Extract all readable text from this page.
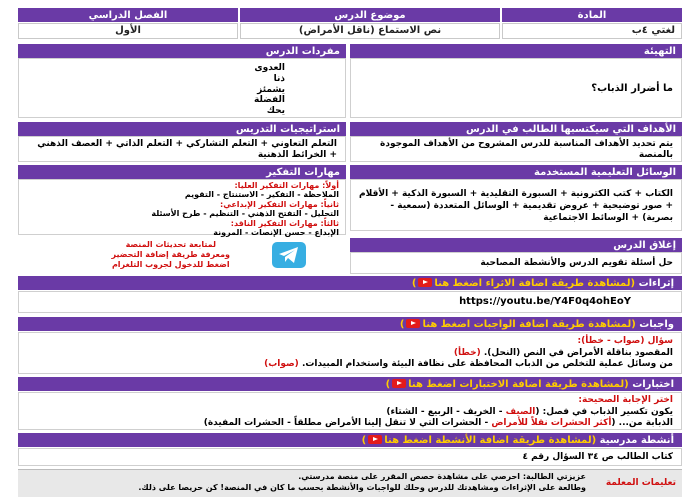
المادة
موضوع الدرس
الفصل الدراسي
لغتي ٤ب
نص الاستماع (ناقل الأمراض)
الأول
التهيئة
ما أضرار الذباب؟
مفردات الدرس
العدوى
ذنا
يشمئز
الفضلة
يحك
الأهداف التي سيكتسبها الطالب في الدرس
يتم تحديد الأهداف المناسبة للدرس المشروح من الأهداف الموجودة بالمنصة
استراتيجيات التدريس
التعلم التعاوني + التعلم التشاركي + التعلم الذاتي + العصف الذهني + الخرائط الذهنية
الوسائل التعليمية المستخدمة
الكتاب + كتب الكترونية + السبورة التقليدية + السبورة الذكية + الأقلام + صور توضيحية + عروض تقديمية + الوسائل المتعددة (سمعية - بصرية) + الوسائط الاجتماعية
مهارات التفكير
أولاً: مهارات التفكير العليا:
الملاحظة - التفكير - الاستنتاج - التقويم
ثانياً: مهارات التفكير الإبداعي:
التحليل - التفتح الذهني - التنظيم - طرح الأسئلة
ثالثاً: مهارات التفكير الناقد:
الإبداع - حسن الإنصات - المرونة
إغلاق الدرس
حل أسئلة تقويم الدرس والأنشطة المصاحبة
لمتابعة تحديثات المنصة
ومعرفة طريقة إضافة التحضير
اضغط للدخول لجروب التلغرام
إثراءات

(لمشاهدة طريقة اضافة الاثراء اضغط هنا)
https://youtu.be/Y4F0q4ohEoY
واجبات

(لمشاهدة طريقة اضافة الواجبات اضغط هنا)
سؤال (صواب - خطأ):
المقصود بناقلة الأمراض في النص (النحل). (خطأ)
من وسائل عملية للتخلص من الذباب المحافظة على نظافة البيئة واستخدام المبيدات. (صواب)
اختبارات

(لمشاهدة طريقة اضافة الاختبارات اضغط هنا)
اختر الإجابة الصحيحة:
يكون تكسير الذباب في فصل: (الصيف - الخريف - الربيع - الشتاء)
الذبابة من... (أكثر الحشرات نقلاً للأمراض - الحشرات التي لا تنقل إلينا الأمراض مطلقاً - الحشرات المفيدة)
أنشطة مدرسية

(لمشاهدة طريقة اضافة الأنشطة اضغط هنا)
كتاب الطالب ص ٣٤ السؤال رقم ٤
تعليمات المعلمة
عزيزتي الطالبة: احرصي على مشاهدة حصص المقرر على منصة مدرستي.
وطالعة على الإثراءات ومشاهدتك للدرس وحلك للواجبات والأنشطة بحسب ما كان في المنصة! كن حريصا على ذلك.
